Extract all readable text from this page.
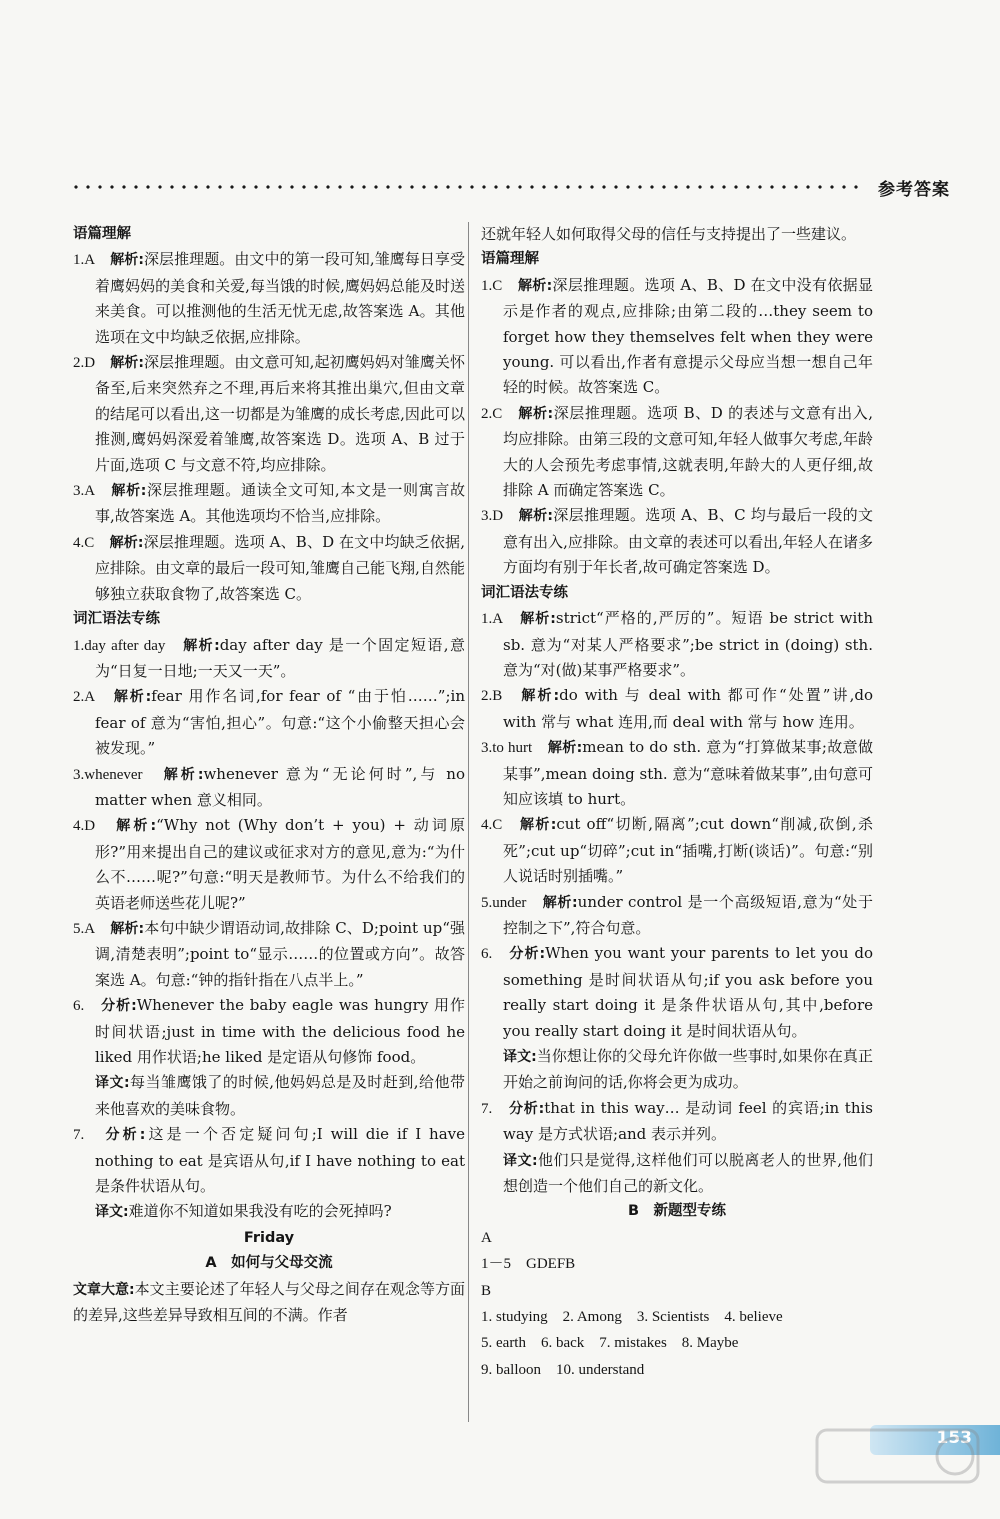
参考答案

语篇理解

1.A　 解析:深层推理题。由文中的第一段可知,雏鹰每日享受着鹰妈妈的美食和关爱,每当饿的时候,鹰妈妈总能及时送来美食。可以推测他的生活无忧无虑,故答案选 A。其他选项在文中均缺乏依据,应排除。

2.D　 解析:深层推理题。由文意可知,起初鹰妈妈对雏鹰关怀备至,后来突然弃之不理,再后来将其推出巢穴,但由文章的结尾可以看出,这一切都是为雏鹰的成长考虑,因此可以推测,鹰妈妈深爱着雏鹰,故答案选 D。选项 A、B 过于片面,选项 C 与文意不符,均应排除。

3.A　 解析:深层推理题。通读全文可知,本文是一则寓言故事,故答案选 A。其他选项均不恰当,应排除。

4.C　 解析:深层推理题。选项 A、B、D 在文中均缺乏依据,应排除。由文章的最后一段可知,雏鹰自己能飞翔,自然能够独立获取食物了,故答案选 C。

词汇语法专练

1.day after day　 解析:day after day 是一个固定短语,意为“日复一日地;一天又一天”。

2.A　 解析:fear 用作名词,for fear of “由于怕……”;in fear of 意为“害怕,担心”。句意:“这个小偷整天担心会被发现。”

3.whenever　 解析:whenever 意为“无论何时”,与 no matter when 意义相同。

4.D　 解析:“Why not (Why don’t + you) + 动词原形?”用来提出自己的建议或征求对方的意见,意为:“为什么不……呢?”句意:“明天是教师节。为什么不给我们的英语老师送些花儿呢?”

5.A　 解析:本句中缺少谓语动词,故排除 C、D;point up“强调,清楚表明”;point to“显示……的位置或方向”。故答案选 A。句意:“钟的指针指在八点半上。”

6.　 分析:Whenever the baby eagle was hungry 用作时间状语;just in time with the delicious food he liked 用作状语;he liked 是定语从句修饰 food。

译文:每当雏鹰饿了的时候,他妈妈总是及时赶到,给他带来他喜欢的美味食物。

7.　 分析:这是一个否定疑问句;I will die if I have nothing to eat 是宾语从句,if I have nothing to eat 是条件状语从句。

译文:难道你不知道如果我没有吃的会死掉吗?

Friday

A　如何与父母交流

文章大意:本文主要论述了年轻人与父母之间存在观念等方面的差异,这些差异导致相互间的不满。作者

还就年轻人如何取得父母的信任与支持提出了一些建议。

语篇理解

1.C　 解析:深层推理题。选项 A、B、D 在文中没有依据显示是作者的观点,应排除;由第二段的…they seem to forget how they themselves felt when they were young. 可以看出,作者有意提示父母应当想一想自己年轻的时候。故答案选 C。

2.C　 解析:深层推理题。选项 B、D 的表述与文意有出入,均应排除。由第三段的文意可知,年轻人做事欠考虑,年龄大的人会预先考虑事情,这就表明,年龄大的人更仔细,故排除 A 而确定答案选 C。

3.D　 解析:深层推理题。选项 A、B、C 均与最后一段的文意有出入,应排除。由文章的表述可以看出,年轻人在诸多方面均有别于年长者,故可确定答案选 D。

词汇语法专练

1.A　 解析:strict“严格的,严厉的”。短语 be strict with sb. 意为“对某人严格要求”;be strict in (doing) sth. 意为“对(做)某事严格要求”。

2.B　 解析:do with 与 deal with 都可作“处置”讲,do with 常与 what 连用,而 deal with 常与 how 连用。

3.to hurt　 解析:mean to do sth. 意为“打算做某事;故意做某事”,mean doing sth. 意为“意味着做某事”,由句意可知应该填 to hurt。

4.C　 解析:cut off“切断,隔离”;cut down“削减,砍倒,杀死”;cut up“切碎”;cut in“插嘴,打断(谈话)”。句意:“别人说话时别插嘴。”

5.under　 解析:under control 是一个高级短语,意为“处于控制之下”,符合句意。

6.　 分析:When you want your parents to let you do something 是时间状语从句;if you ask before you really start doing it 是条件状语从句,其中,before you really start doing it 是时间状语从句。

译文:当你想让你的父母允许你做一些事时,如果你在真正开始之前询问的话,你将会更为成功。

7.　 分析:that in this way… 是动词 feel 的宾语;in this way 是方式状语;and 表示并列。

译文:他们只是觉得,这样他们可以脱离老人的世界,他们想创造一个他们自己的新文化。

B　新题型专练

A

1－5　GDEFB

B

1. studying　2. Among　3. Scientists　4. believe

5. earth　6. back　7. mistakes　8. Maybe

9. balloon　10. understand

153
